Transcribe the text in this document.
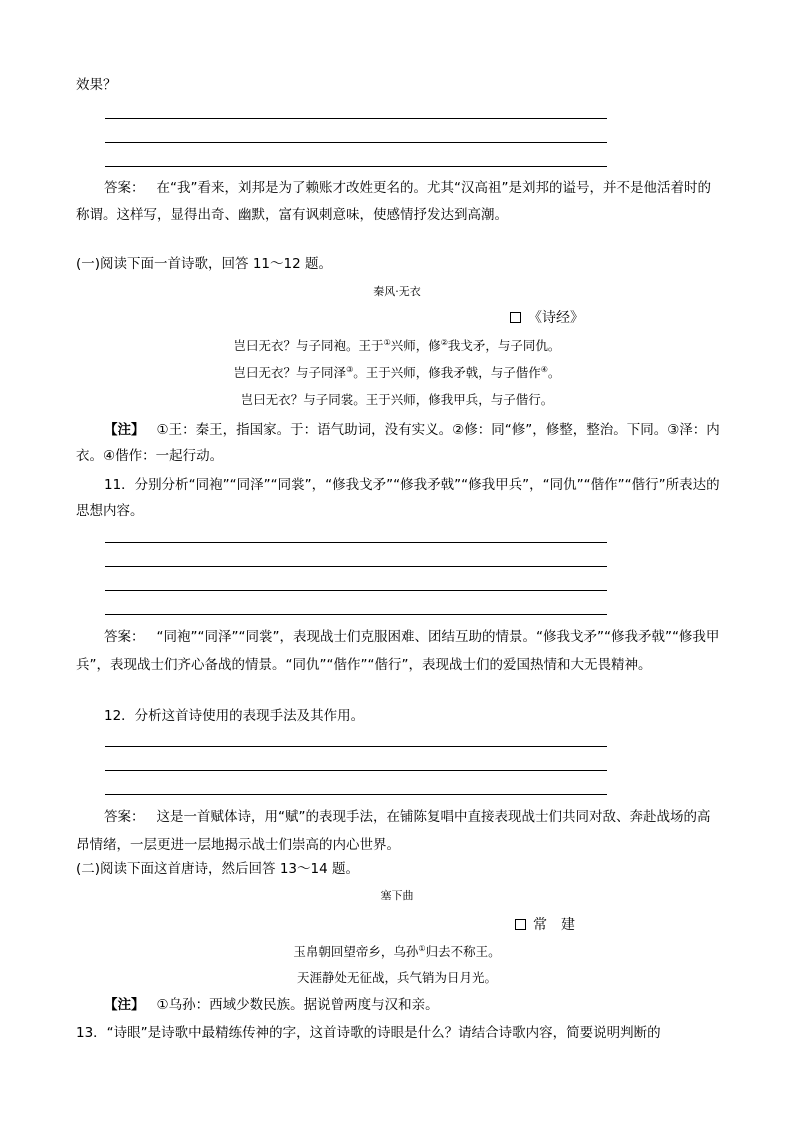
效果？

答案： 在“我”看来，刘邦是为了赖账才改姓更名的。尤其“汉高祖”是刘邦的谥号，并不是他活着时的称谓。这样写，显得出奇、幽默，富有讽刺意味，使感情抒发达到高潮。

(一)阅读下面一首诗歌，回答 11～12 题。

秦风·无衣

《诗经》

岂曰无衣？与子同袍。王于①兴师，修②我戈矛，与子同仇。

岂曰无衣？与子同泽③。王于兴师，修我矛戟，与子偕作④。

岂曰无衣？与子同裳。王于兴师，修我甲兵，与子偕行。

【注】 ①王：秦王，指国家。于：语气助词，没有实义。②修：同“修”，修整，整治。下同。③泽：内衣。④偕作：一起行动。

11．分别分析“同袍”“同泽”“同裳”，“修我戈矛”“修我矛戟”“修我甲兵”，“同仇”“偕作”“偕行”所表达的思想内容。

答案： “同袍”“同泽”“同裳”，表现战士们克服困难、团结互助的情景。“修我戈矛”“修我矛戟”“修我甲兵”，表现战士们齐心备战的情景。“同仇”“偕作”“偕行”，表现战士们的爱国热情和大无畏精神。

12．分析这首诗使用的表现手法及其作用。

答案： 这是一首赋体诗，用“赋”的表现手法，在铺陈复唱中直接表现战士们共同对敌、奔赴战场的高昂情绪，一层更进一层地揭示战士们崇高的内心世界。

(二)阅读下面这首唐诗，然后回答 13～14 题。

塞下曲

常　建

玉帛朝回望帝乡，乌孙①归去不称王。

天涯静处无征战，兵气销为日月光。

【注】 ①乌孙：西域少数民族。据说曾两度与汉和亲。

13．“诗眼”是诗歌中最精练传神的字，这首诗歌的诗眼是什么？请结合诗歌内容，简要说明判断的
